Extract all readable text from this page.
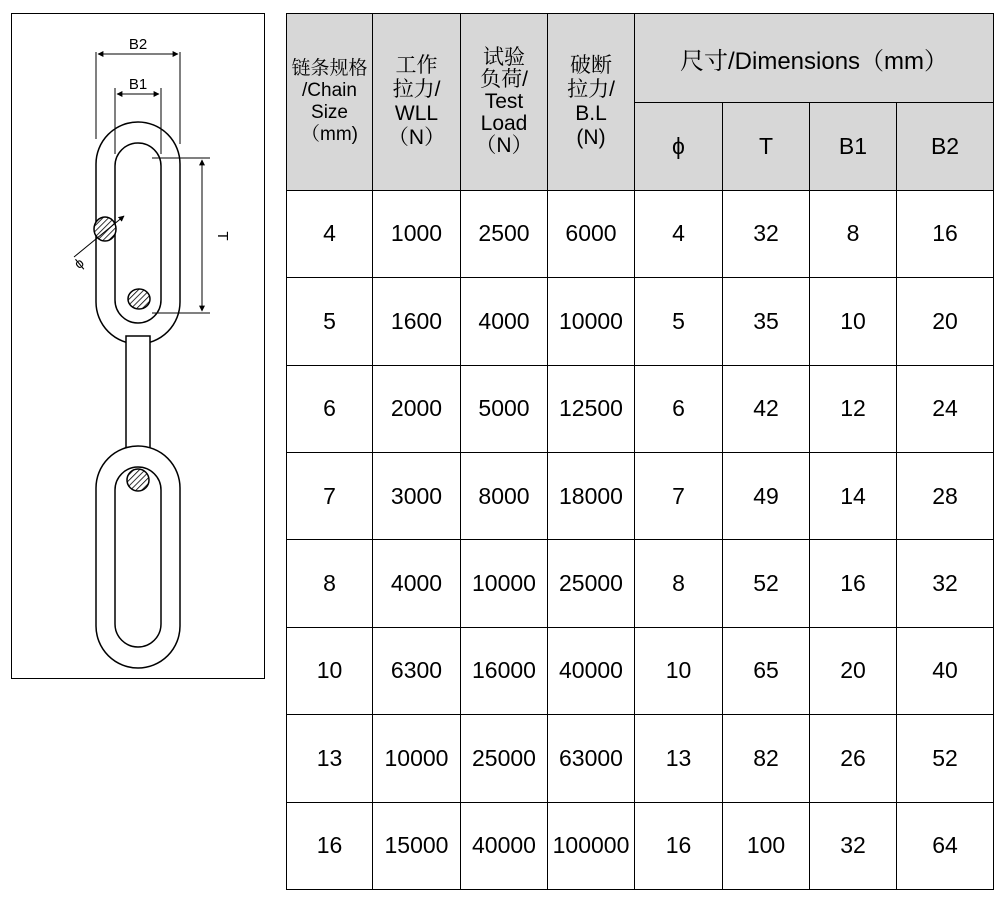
B2
B1
T
ϕ
链条规格
/Chain
Size
（mm)	工作
拉力/
WLL
（N）	试验
负荷/
Test
Load
（N）	破断
拉力/
B.L
(N)	尺寸/Dimensions（mm）			
				ϕ	T	B1	B2
4	1000	2500	6000	4	32	8	16
5	1600	4000	10000	5	35	10	20
6	2000	5000	12500	6	42	12	24
7	3000	8000	18000	7	49	14	28
8	4000	10000	25000	8	52	16	32
10	6300	16000	40000	10	65	20	40
13	10000	25000	63000	13	82	26	52
16	15000	40000	100000	16	100	32	64
